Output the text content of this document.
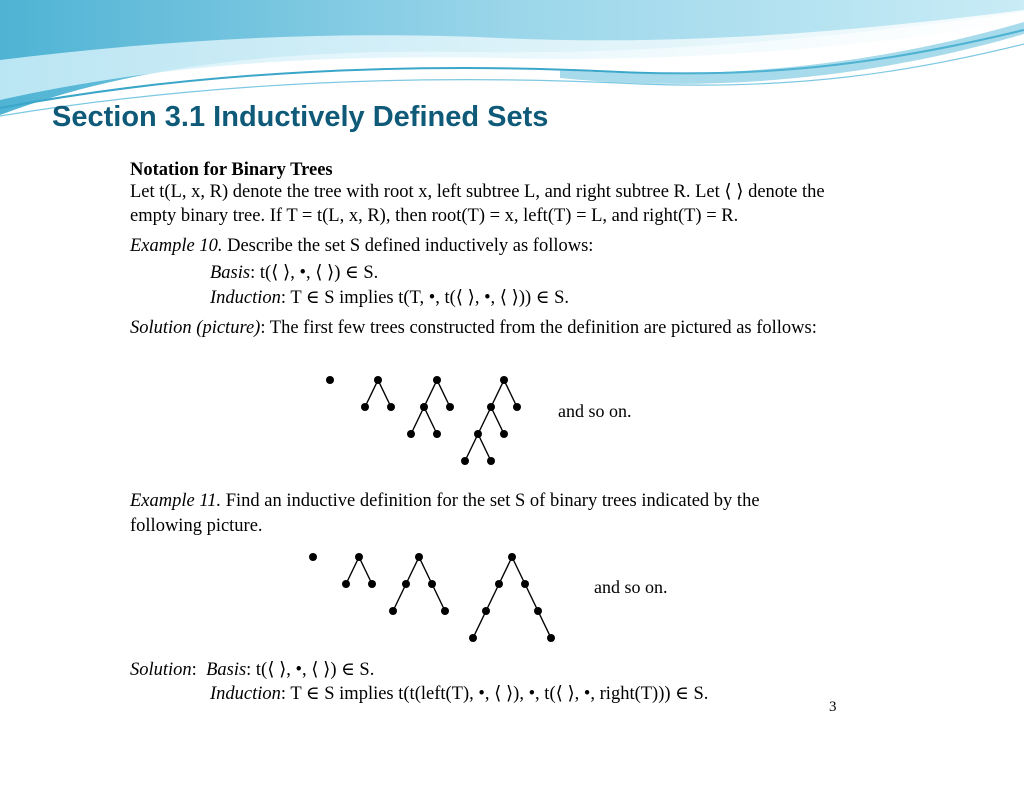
Section 3.1 Inductively Defined Sets
Notation for Binary Trees
Let t(L, x, R) denote the tree with root x, left subtree L, and right subtree R. Let ⟨ ⟩ denote the
empty binary tree. If T = t(L, x, R), then root(T) = x, left(T) = L, and right(T) = R.
Example 10. Describe the set S defined inductively as follows:
Basis: t(⟨ ⟩, •, ⟨ ⟩) ∈ S.
Induction: T ∈ S implies t(T, •, t(⟨ ⟩, •, ⟨ ⟩)) ∈ S.
Solution (picture): The first few trees constructed from the definition are pictured as follows:
and so on.
Example 11. Find an inductive definition for the set S of binary trees indicated by the
following picture.
and so on.
Solution:  Basis: t(⟨ ⟩, •, ⟨ ⟩) ∈ S.
Induction: T ∈ S implies t(t(left(T), •, ⟨ ⟩), •, t(⟨ ⟩, •, right(T))) ∈ S.
3
